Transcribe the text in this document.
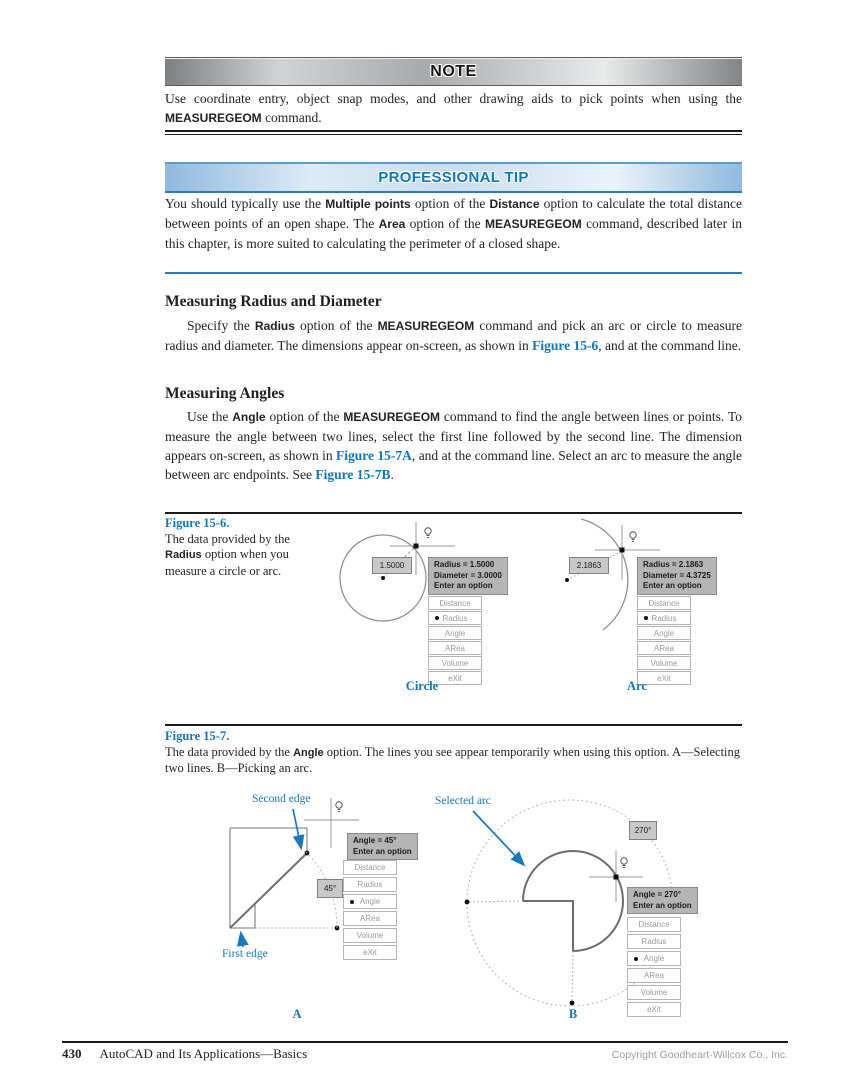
NOTE

Use coordinate entry, object snap modes, and other drawing aids to pick points when using the MEASUREGEOM command.

PROFESSIONAL TIP

You should typically use the Multiple points option of the Distance option to calculate the total distance between points of an open shape. The Area option of the MEASUREGEOM command, described later in this chapter, is more suited to calculating the perimeter of a closed shape.

Measuring Radius and Diameter

Specify the Radius option of the MEASUREGEOM command and pick an arc or circle to measure radius and diameter. The dimensions appear on-screen, as shown in Figure 15-6, and at the command line.

Measuring Angles

Use the Angle option of the MEASUREGEOM command to find the angle between lines or points. To measure the angle between two lines, select the first line followed by the second line. The dimension appears on-screen, as shown in Figure 15-7A, and at the command line. Select an arc to measure the angle between arc endpoints. See Figure 15-7B.

Figure 15-6.
The data provided by the Radius option when you measure a circle or arc.	1.5000	Radius = 1.5000
Diameter = 3.0000
Enter an option
Distance
Radius
Angle
ARea
Volume
eXit
Circle
2.1863	Radius = 2.1863
Diameter = 4.3725
Enter an option
Distance
Radius
Angle
ARea
Volume
eXit
Arc
Figure 15-7.
The data provided by the Angle option. The lines you see appear temporarily when using this option. A—Selecting two lines. B—Picking an arc.
Second edge
First edge
45°
Angle = 45°
Enter an option
Distance
Radius
Angle
ARea
Volume
eXit
A
Selected arc
270°
Angle = 270°
Enter an option
Distance
Radius
Angle
ARea
Volume
eXit
B
430 AutoCAD and Its Applications—Basics	Copyright Goodheart-Willcox Co., Inc.
